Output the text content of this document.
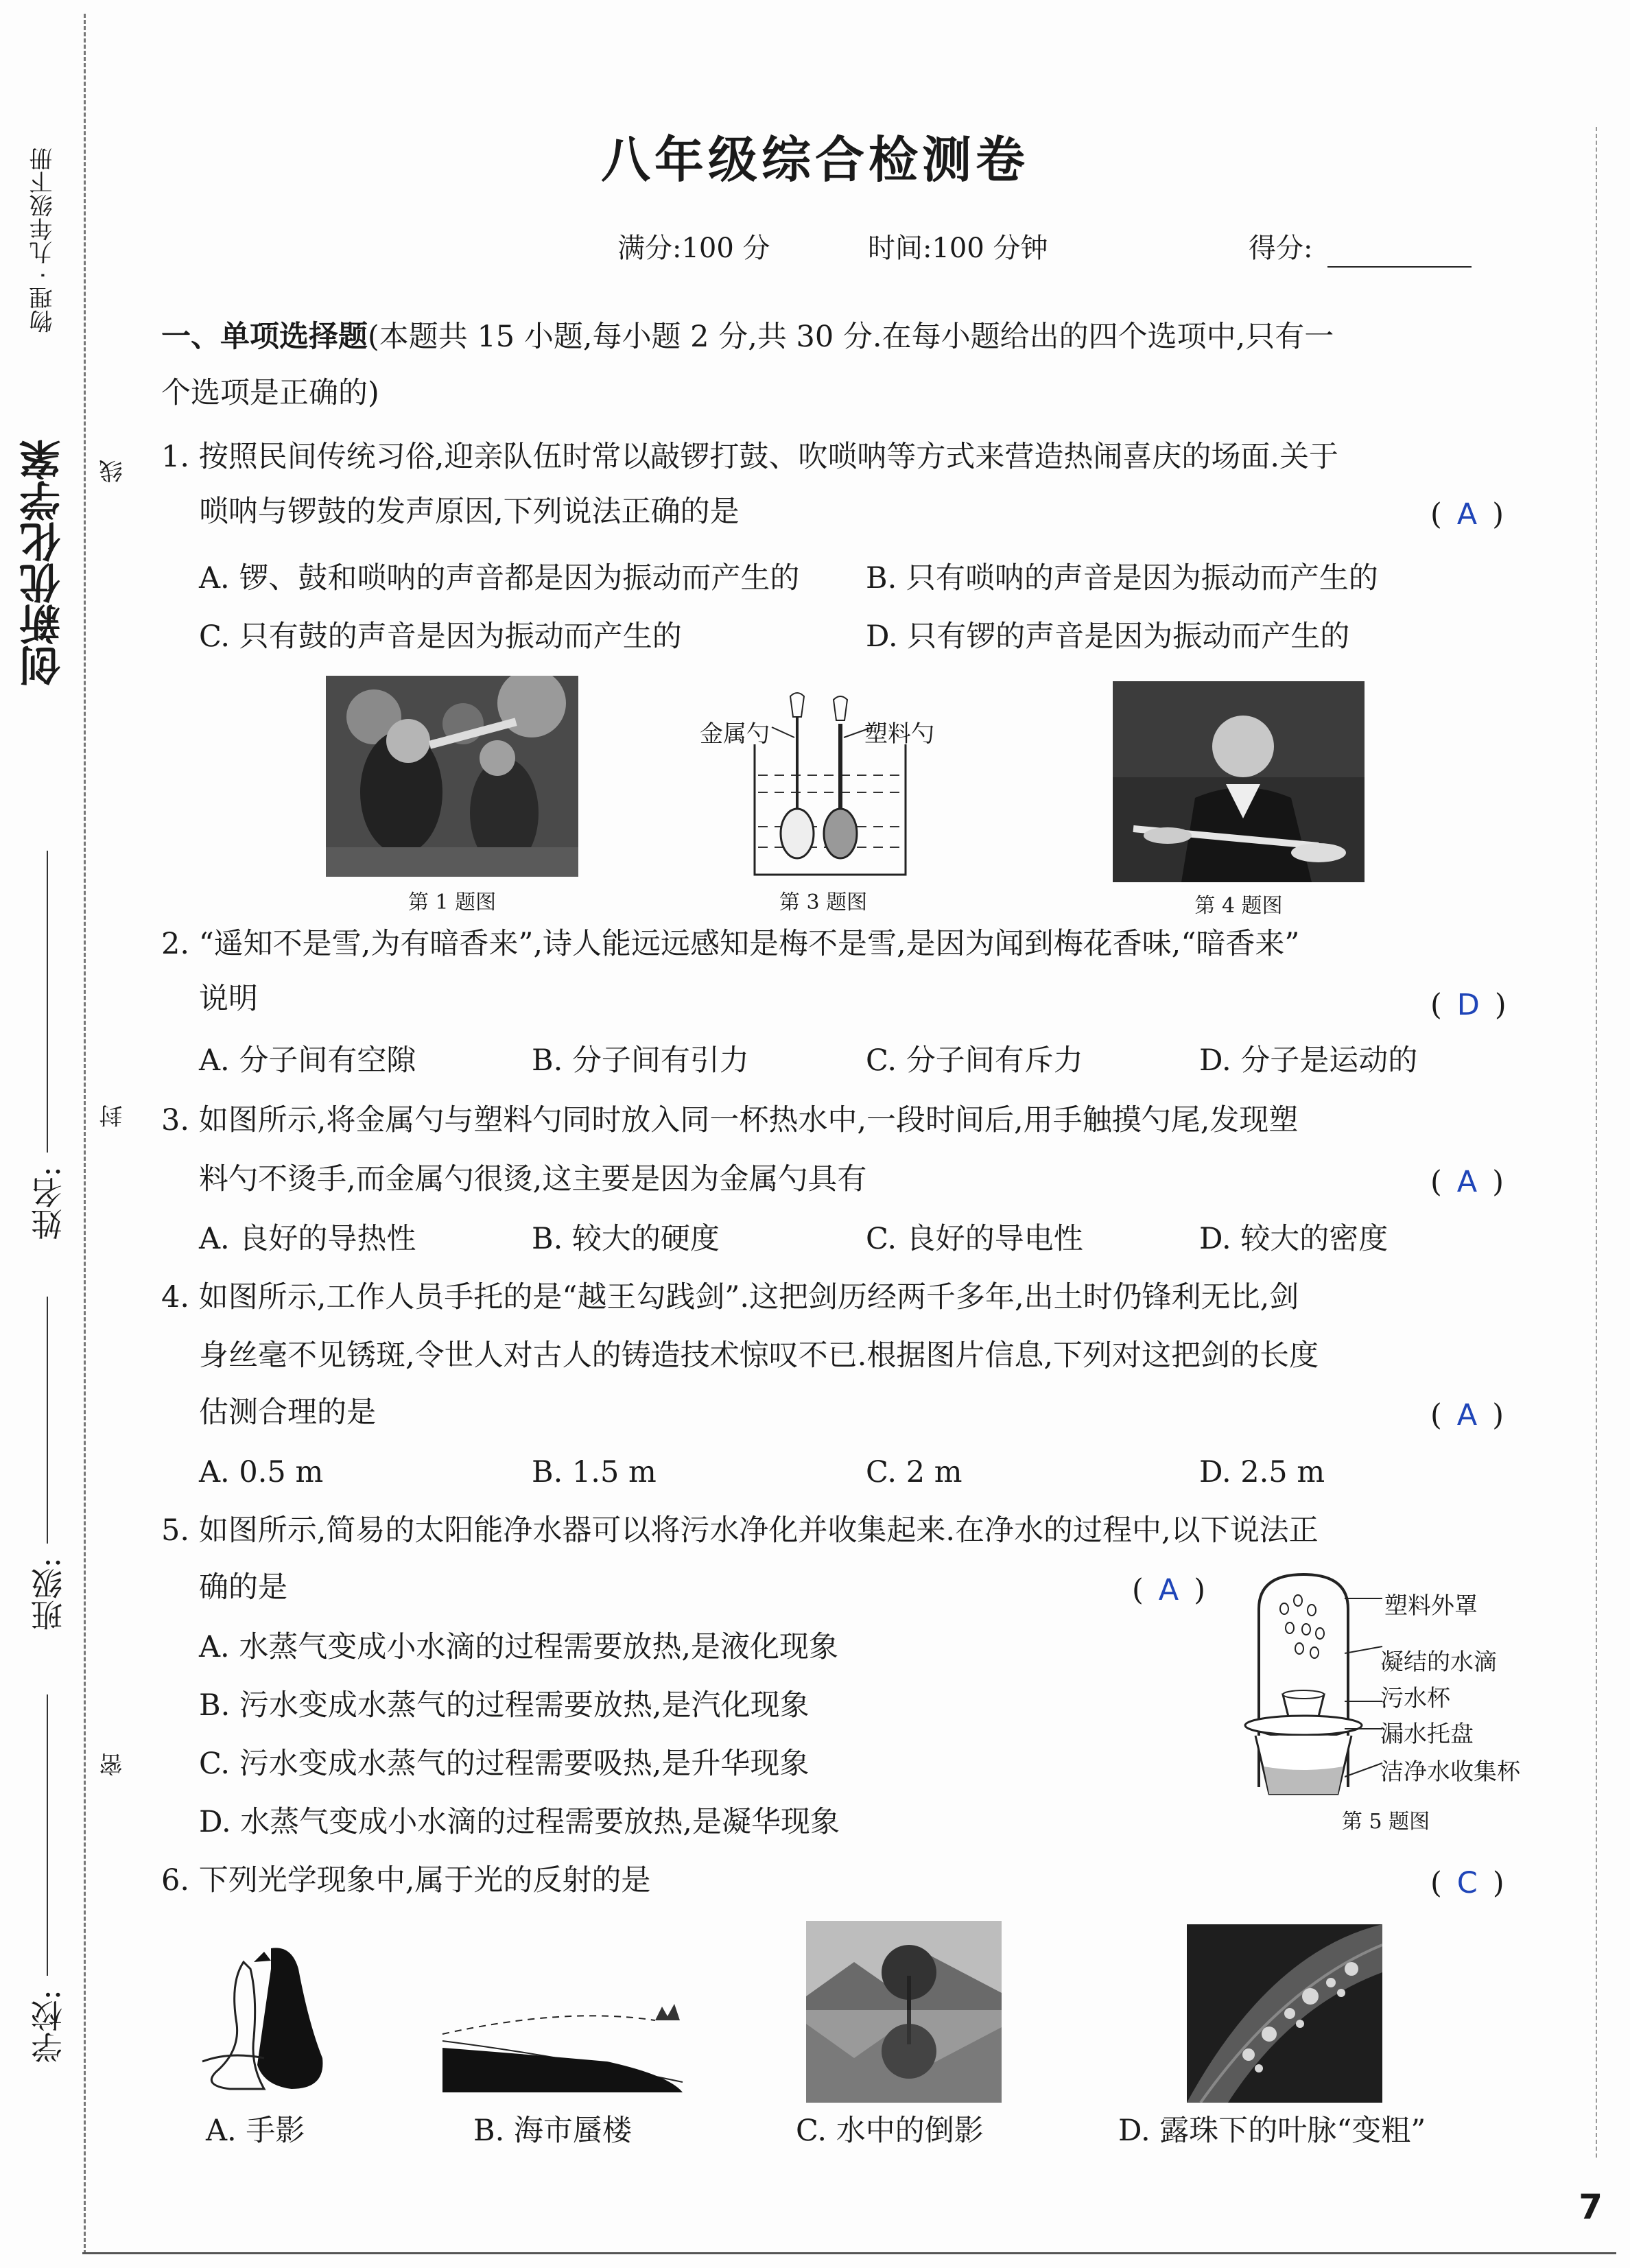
物理 · 九年级下册
创新优化学案 线
封
密
姓名:
班级:
学校:
八年级综合检测卷
满分:100 分	时间:100 分钟	得分:
一、单项选择题(本题共 15 小题,每小题 2 分,共 30 分.在每小题给出的四个选项中,只有一
个选项是正确的)
1. 按照民间传统习俗,迎亲队伍时常以敲锣打鼓、吹唢呐等方式来营造热闹喜庆的场面.关于
唢呐与锣鼓的发声原因,下列说法正确的是	( A )
A. 锣、鼓和唢呐的声音都是因为振动而产生的 B. 只有唢呐的声音是因为振动而产生的
C. 只有鼓的声音是因为振动而产生的	D. 只有锣的声音是因为振动而产生的
第 1 题图
金属勺	塑料勺
第 3 题图	第 4 题图
2. “遥知不是雪,为有暗香来”,诗人能远远感知是梅不是雪,是因为闻到梅花香味,“暗香来”
说明	( D )
A. 分子间有空隙	B. 分子间有引力	C. 分子间有斥力	D. 分子是运动的
3. 如图所示,将金属勺与塑料勺同时放入同一杯热水中,一段时间后,用手触摸勺尾,发现塑
料勺不烫手,而金属勺很烫,这主要是因为金属勺具有	( A )
A. 良好的导热性	B. 较大的硬度	C. 良好的导电性	D. 较大的密度
4. 如图所示,工作人员手托的是“越王勾践剑”.这把剑历经两千多年,出土时仍锋利无比,剑
身丝毫不见锈斑,令世人对古人的铸造技术惊叹不已.根据图片信息,下列对这把剑的长度
估测合理的是	( A )
A. 0.5 m	B. 1.5 m	C. 2 m	D. 2.5 m
5. 如图所示,简易的太阳能净水器可以将污水净化并收集起来.在净水的过程中,以下说法正
确的是	( A )
A. 水蒸气变成小水滴的过程需要放热,是液化现象
B. 污水变成水蒸气的过程需要放热,是汽化现象
C. 污水变成水蒸气的过程需要吸热,是升华现象
D. 水蒸气变成小水滴的过程需要放热,是凝华现象
塑料外罩
凝结的水滴
污水杯
漏水托盘
洁净水收集杯
第 5 题图
6. 下列光学现象中,属于光的反射的是	( C )
A. 手影	B. 海市蜃楼	C. 水中的倒影	D. 露珠下的叶脉“变粗”
7
